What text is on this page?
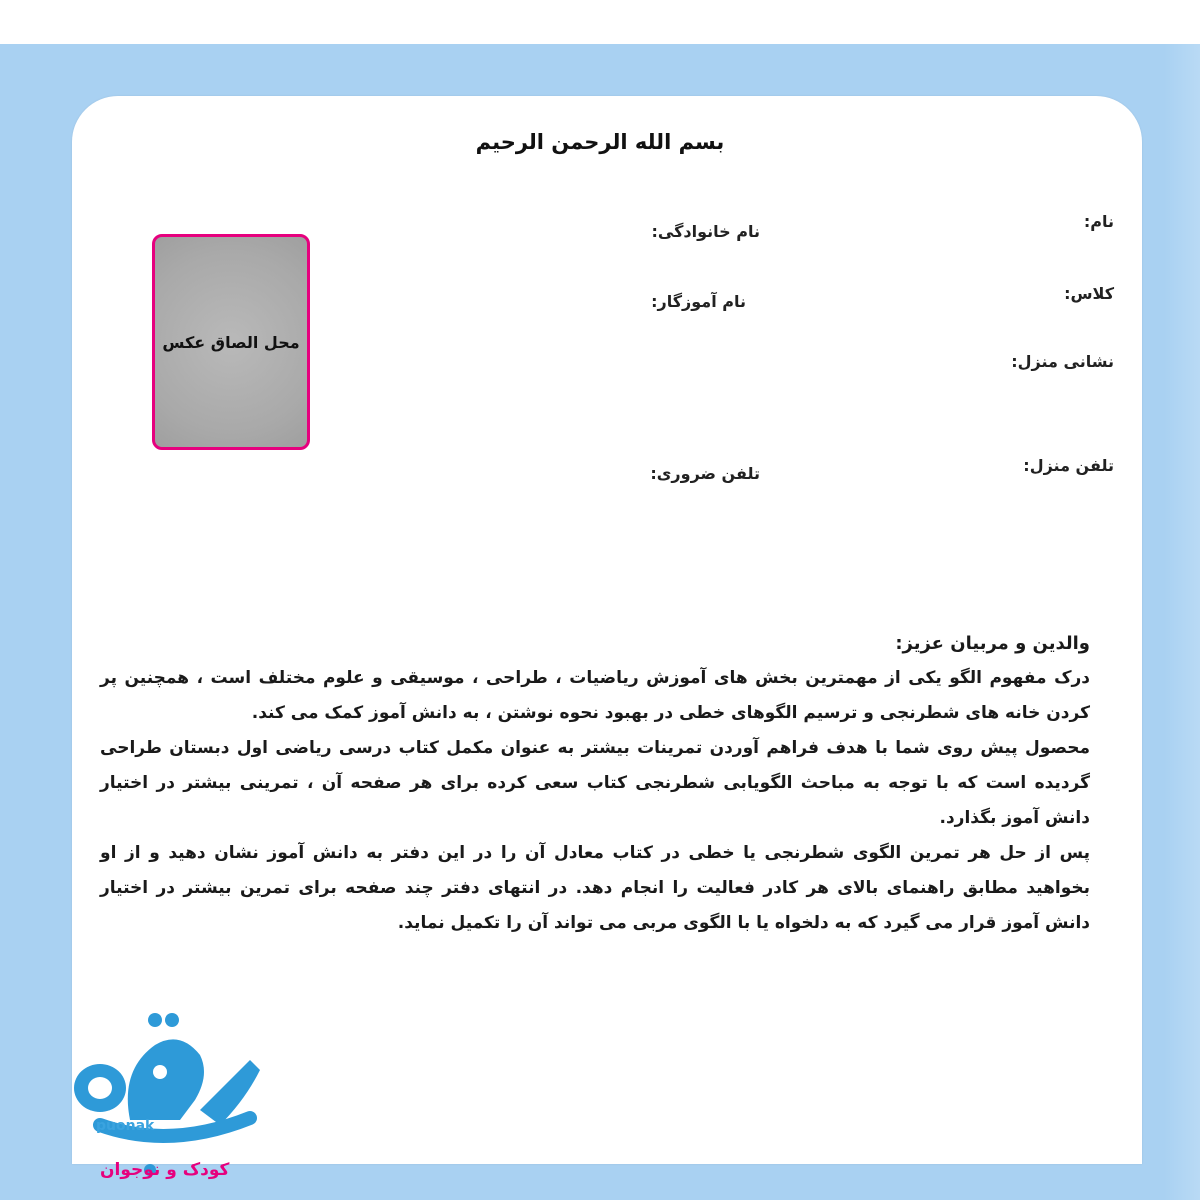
بسم الله الرحمن الرحیم
نام:
نام خانوادگی:
کلاس:
نام آموزگار:
نشانی منزل:
تلفن منزل:
تلفن ضروری:
محل الصاق عکس

والدین و مربیان عزیز:

درک مفهوم الگو یکی از مهمترین بخش های آموزش ریاضیات ، طراحی ، موسیقی و علوم مختلف است ، همچنین پر کردن خانه های شطرنجی و ترسیم الگوهای خطی در بهبود نحوه نوشتن ، به دانش آموز کمک می کند.

محصول پیش روی شما با هدف فراهم آوردن تمرینات بیشتر به عنوان مکمل کتاب درسی ریاضی اول دبستان طراحی گردیده است که با توجه به مباحث الگویابی شطرنجی کتاب سعی کرده برای هر صفحه آن ، تمرینی بیشتر در اختیار دانش آموز بگذارد.

پس از حل هر تمرین الگوی شطرنجی یا خطی در کتاب معادل آن را در این دفتر به دانش آموز نشان دهید و از او بخواهید مطابق راهنمای بالای هر کادر فعالیت را انجام دهد. در انتهای دفتر چند صفحه برای تمرین بیشتر در اختیار دانش آموز قرار می گیرد که به دلخواه یا با الگوی مربی می تواند آن را تکمیل نماید.

puonak
کودک و نوجوان
